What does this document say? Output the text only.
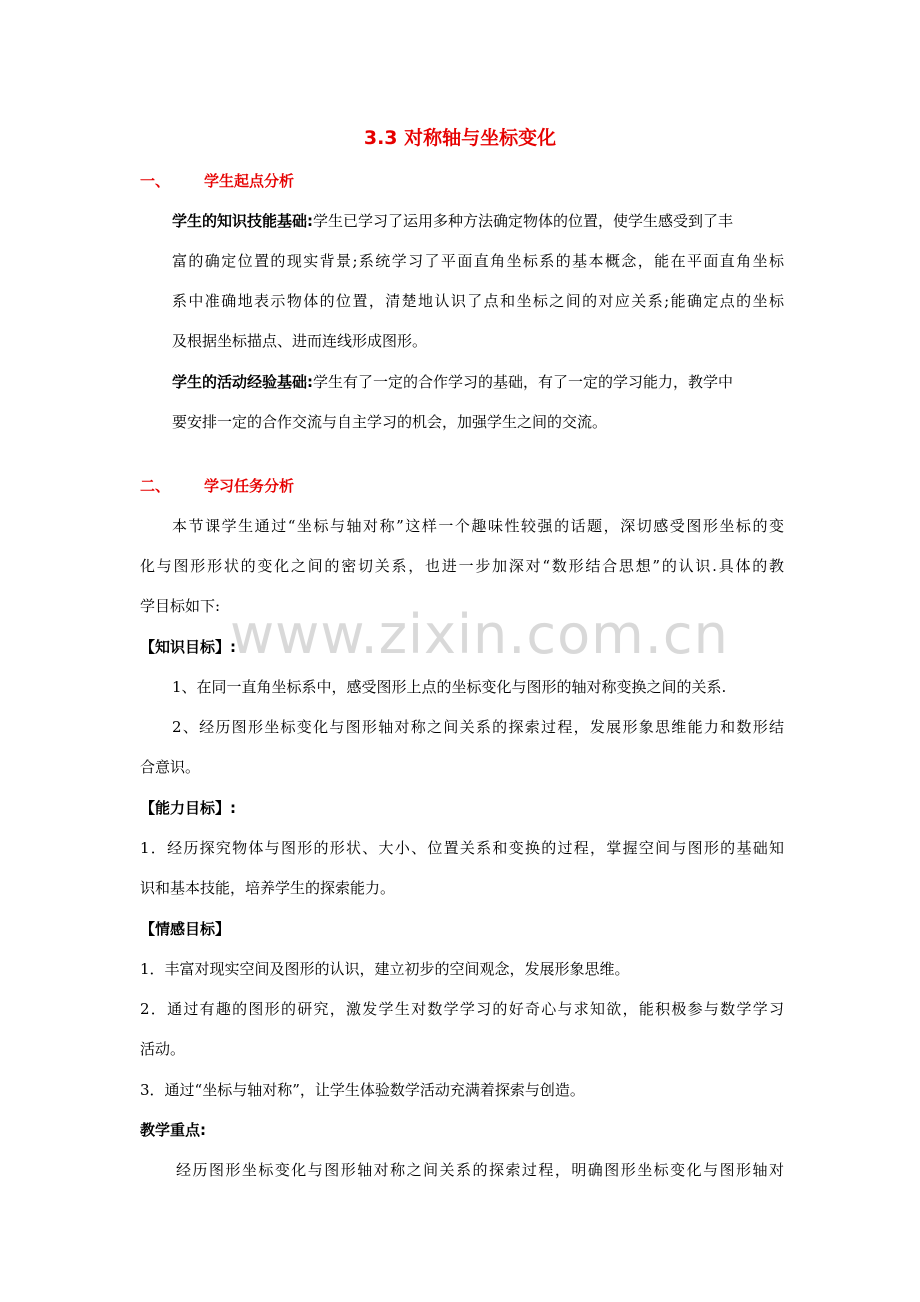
www.zixin.com.cn
3.3 对称轴与坐标变化
一、 学生起点分析
学生的知识技能基础:学生已学习了运用多种方法确定物体的位置，使学生感受到了丰
富的确定位置的现实背景;系统学习了平面直角坐标系的基本概念，能在平面直角坐标
系中准确地表示物体的位置，清楚地认识了点和坐标之间的对应关系;能确定点的坐标
及根据坐标描点、进而连线形成图形。
学生的活动经验基础:学生有了一定的合作学习的基础，有了一定的学习能力，教学中
要安排一定的合作交流与自主学习的机会，加强学生之间的交流。
二、 学习任务分析
本节课学生通过“坐标与轴对称”这样一个趣味性较强的话题，深切感受图形坐标的变
化与图形形状的变化之间的密切关系，也进一步加深对“数形结合思想”的认识.具体的教
学目标如下:
【知识目标】:
1、在同一直角坐标系中，感受图形上点的坐标变化与图形的轴对称变换之间的关系.
2、经历图形坐标变化与图形轴对称之间关系的探索过程，发展形象思维能力和数形结
合意识。
【能力目标】:
1．经历探究物体与图形的形状、大小、位置关系和变换的过程，掌握空间与图形的基础知
识和基本技能，培养学生的探索能力。
【情感目标】
1．丰富对现实空间及图形的认识，建立初步的空间观念，发展形象思维。
2．通过有趣的图形的研究，激发学生对数学学习的好奇心与求知欲，能积极参与数学学习
活动。
3．通过“坐标与轴对称”，让学生体验数学活动充满着探索与创造。
教学重点:
经历图形坐标变化与图形轴对称之间关系的探索过程，明确图形坐标变化与图形轴对
